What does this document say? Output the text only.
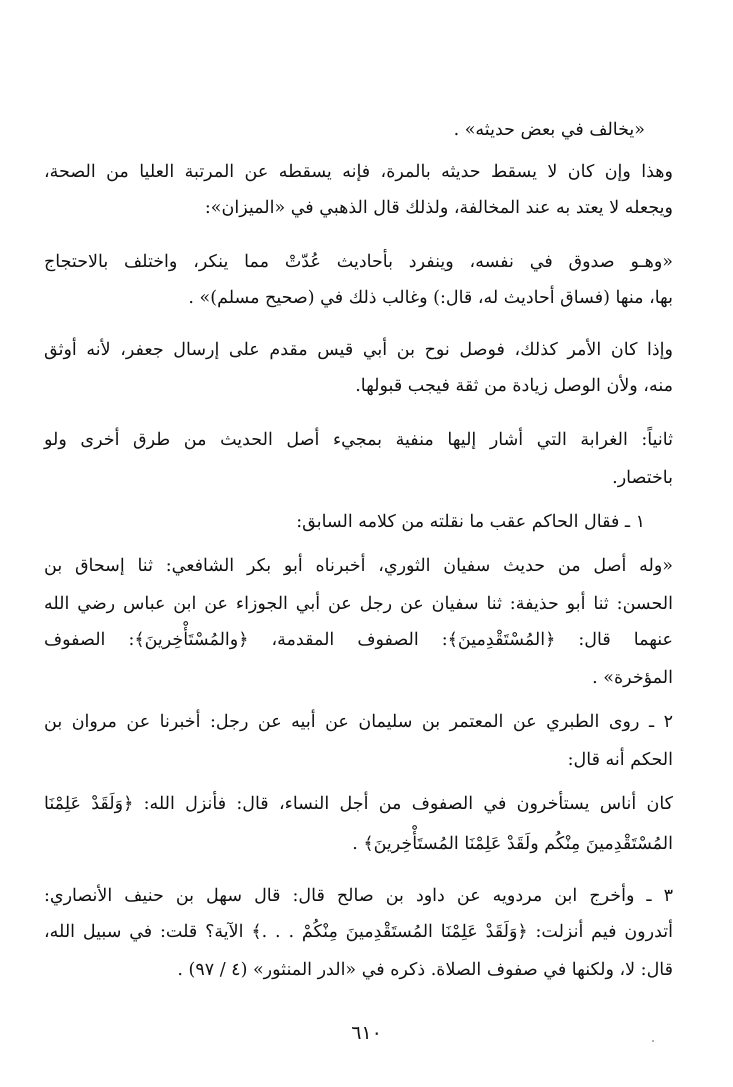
«يخالف في بعض حديثه» .
وهذا وإن كان لا يسقط حديثه بالمرة، فإنه يسقطه عن المرتبة العليا من الصحة،
ويجعله لا يعتد به عند المخالفة، ولذلك قال الذهبي في «الميزان»:
«وهـو صدوق في نفسه، وينفرد بأحاديث عُدّتْ مما ينكر، واختلف بالاحتجاج
بها، منها (فساق أحاديث له، قال:) وغالب ذلك في (صحيح مسلم)» .
وإذا كان الأمر كذلك، فوصل نوح بن أبي قيس مقدم على إرسال جعفر، لأنه أوثق
منه، ولأن الوصل زيادة من ثقة فيجب قبولها.
ثانياً: الغرابة التي أشار إليها منفية بمجيء أصل الحديث من طرق أخرى ولو
باختصار.
١ ـ فقال الحاكم عقب ما نقلته من كلامه السابق:
«وله أصل من حديث سفيان الثوري، أخبرناه أبو بكر الشافعي: ثنا إسحاق بن
الحسن: ثنا أبو حذيفة: ثنا سفيان عن رجل عن أبي الجوزاء عن ابن عباس رضي الله
عنهما قال: ﴿المُسْتَقْدِمينَ﴾: الصفوف المقدمة، ﴿والمُسْتَأْخِرينَ﴾: الصفوف
المؤخرة» .
٢ ـ روى الطبري عن المعتمر بن سليمان عن أبيه عن رجل: أخبرنا عن مروان بن
الحكم أنه قال:
كان أناس يستأخرون في الصفوف من أجل النساء، قال: فأنزل الله: ﴿وَلَقَدْ عَلِمْنَا
المُسْتَقْدِمينَ مِنْكُم ولَقَدْ عَلِمْنَا المُستَأْخِرينَ﴾ .
٣ ـ وأخرج ابن مردويه عن داود بن صالح قال: قال سهل بن حنيف الأنصاري:
أتدرون فيم أنزلت: ﴿وَلَقَدْ عَلِمْنَا المُستَقْدِمينَ مِنْكُمْ . . .﴾ الآية؟ قلت: في سبيل الله،
قال: لا، ولكنها في صفوف الصلاة. ذكره في «الدر المنثور» (٤ / ٩٧) .
٦١٠
